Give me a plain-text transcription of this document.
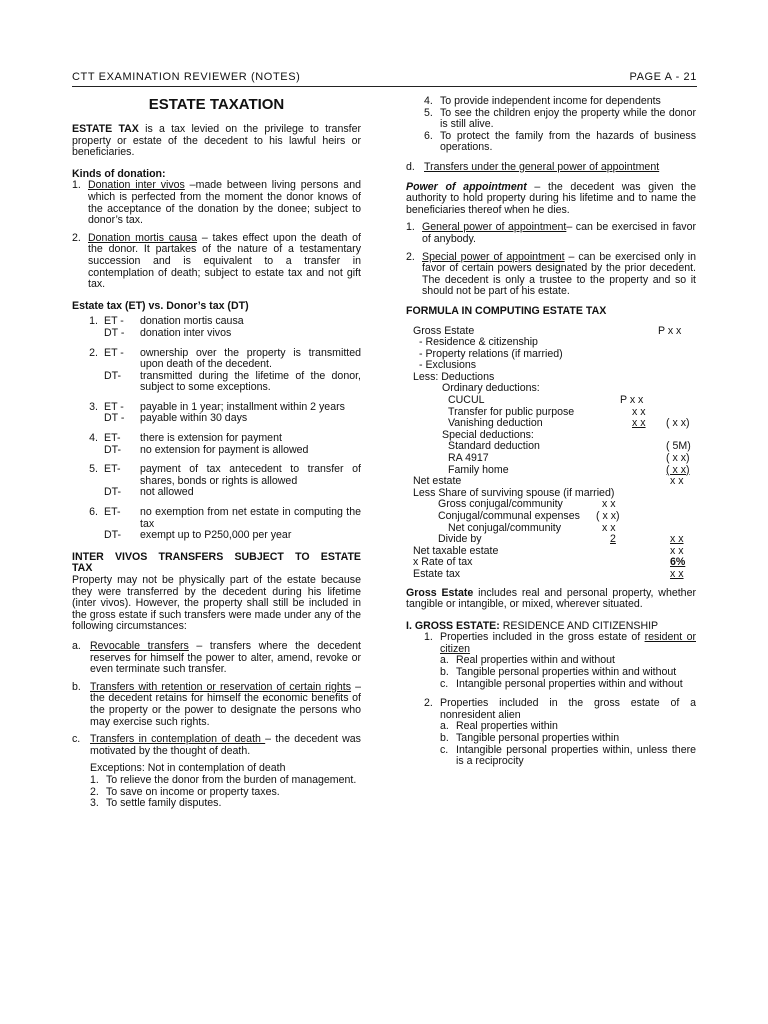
CTT EXAMINATION REVIEWER (NOTES)	PAGE A - 21
ESTATE TAXATION

ESTATE TAX is a tax levied on the privilege to transfer property or estate of the decedent to his lawful heirs or beneficiaries.

Kinds of donation:
1. Donation inter vivos –made between living persons and which is perfected from the moment the donor knows of the acceptance of the donation by the donee; subject to donor’s tax.
2. Donation mortis causa – takes effect upon the death of the donor. It partakes of the nature of a testamentary succession and is equivalent to a transfer in contemplation of death; subject to estate tax and not gift tax.
Estate tax (ET) vs. Donor’s tax (DT)
1. ET -	donation mortis causa
DT -	donation inter vivos
2. ET -	ownership over the property is transmitted upon death of the decedent.
DT-	transmitted during the lifetime of the donor, subject to some exceptions.
3. ET -	payable in 1 year; installment within 2 years
DT -	payable within 30 days
4. ET-	there is extension for payment
DT-	no extension for payment is allowed
5. ET-	payment of tax antecedent to transfer of shares, bonds or rights is allowed
DT-	not allowed
6. ET-	no exemption from net estate in computing the tax
DT-	exempt up to P250,000 per year

INTER VIVOS TRANSFERS SUBJECT TO ESTATE TAX

Property may not be physically part of the estate because they were transferred by the decedent during his lifetime (inter vivos). However, the property shall still be included in the gross estate if such transfers were made under any of the following circumstances:

a. Revocable transfers – transfers where the decedent reserves for himself the power to alter, amend, revoke or even terminate such transfer.
b. Transfers with retention or reservation of certain rights – the decedent retains for himself the economic benefits of the property or the power to designate the persons who may exercise such rights.
c. Transfers in contemplation of death – the decedent was motivated by the thought of death.
Exceptions: Not in contemplation of death
1. To relieve the donor from the burden of management.
2. To save on income or property taxes.
3. To settle family disputes.
4. To provide independent income for dependents
5. To see the children enjoy the property while the donor is still alive.
6. To protect the family from the hazards of business operations.
d. Transfers under the general power of appointment

Power of appointment – the decedent was given the authority to hold property during his lifetime and to name the beneficiaries thereof when he dies.

1. General power of appointment– can be exercised in favor of anybody.
2. Special power of appointment – can be exercised only in favor of certain powers designated by the prior decedent. The decedent is only a trustee to the property and so it should not be part of his estate.
FORMULA IN COMPUTING ESTATE TAX
Gross Estate	P x x
- Residence & citizenship
- Property relations (if married)
- Exclusions
Less: Deductions
Ordinary deductions:
CUCUL	P x x
Transfer for public purpose	x x
Vanishing deduction	x x ( x x)
Special deductions:
Standard deduction	( 5M)
RA 4917	( x x)
Family home	( x x)
Net estate	x x
Less Share of surviving spouse (if married)
Gross conjugal/community	x x
Conjugal/communal expenses ( x x)
Net conjugal/community	x x
Divide by	2	x x
Net taxable estate	x x
x Rate of tax	6%
Estate tax	x x

Gross Estate includes real and personal property, whether tangible or intangible, or mixed, wherever situated.

I. GROSS ESTATE: RESIDENCE AND CITIZENSHIP

1. Properties included in the gross estate of resident or citizen
a. Real properties within and without
b. Tangible personal properties within and without
c. Intangible personal properties within and without
2. Properties included in the gross estate of a nonresident alien
a. Real properties within
b. Tangible personal properties within
c. Intangible personal properties within, unless there is a reciprocity
